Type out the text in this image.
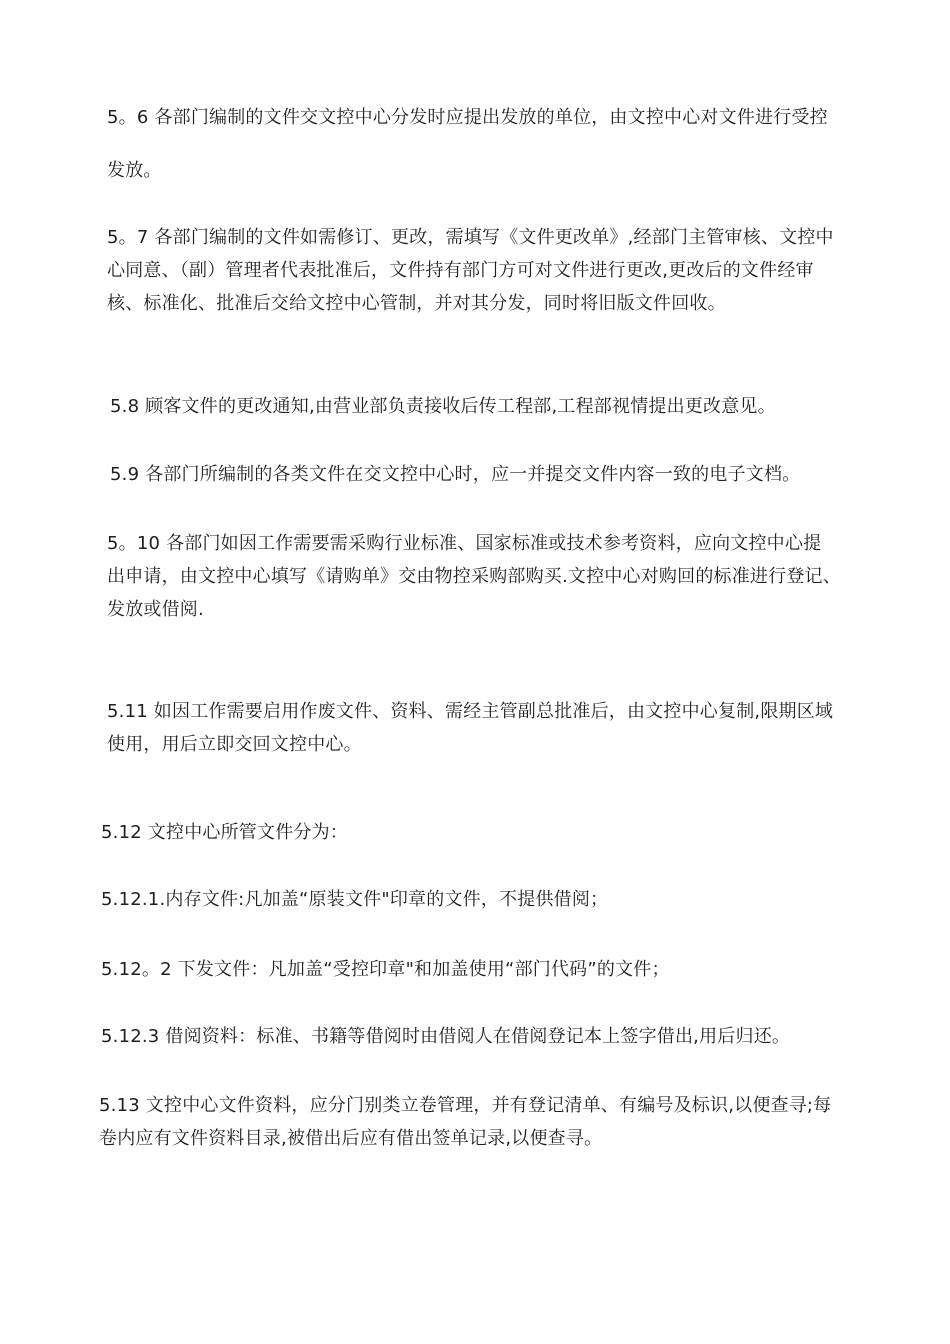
5。6 各部门编制的文件交文控中心分发时应提出发放的单位，由文控中心对文件进行受控
发放。
5。7 各部门编制的文件如需修订、更改，需填写《文件更改单》,经部门主管审核、文控中
心同意、（副）管理者代表批准后，文件持有部门方可对文件进行更改,更改后的文件经审
核、标准化、批准后交给文控中心管制，并对其分发，同时将旧版文件回收。
5.8 顾客文件的更改通知,由营业部负责接收后传工程部,工程部视情提出更改意见。
5.9 各部门所编制的各类文件在交文控中心时，应一并提交文件内容一致的电子文档。
5。10 各部门如因工作需要需采购行业标准、国家标准或技术参考资料，应向文控中心提
出申请，由文控中心填写《请购单》交由物控采购部购买.文控中心对购回的标准进行登记、
发放或借阅.
5.11 如因工作需要启用作废文件、资料、需经主管副总批准后，由文控中心复制,限期区域
使用，用后立即交回文控中心。
5.12 文控中心所管文件分为：
5.12.1.内存文件:凡加盖“原装文件"印章的文件，不提供借阅；
5.12。2 下发文件：凡加盖“受控印章"和加盖使用“部门代码”的文件；
5.12.3 借阅资料：标准、书籍等借阅时由借阅人在借阅登记本上签字借出,用后归还。
5.13 文控中心文件资料，应分门别类立卷管理，并有登记清单、有编号及标识,以便查寻;每
卷内应有文件资料目录,被借出后应有借出签单记录,以便查寻。
